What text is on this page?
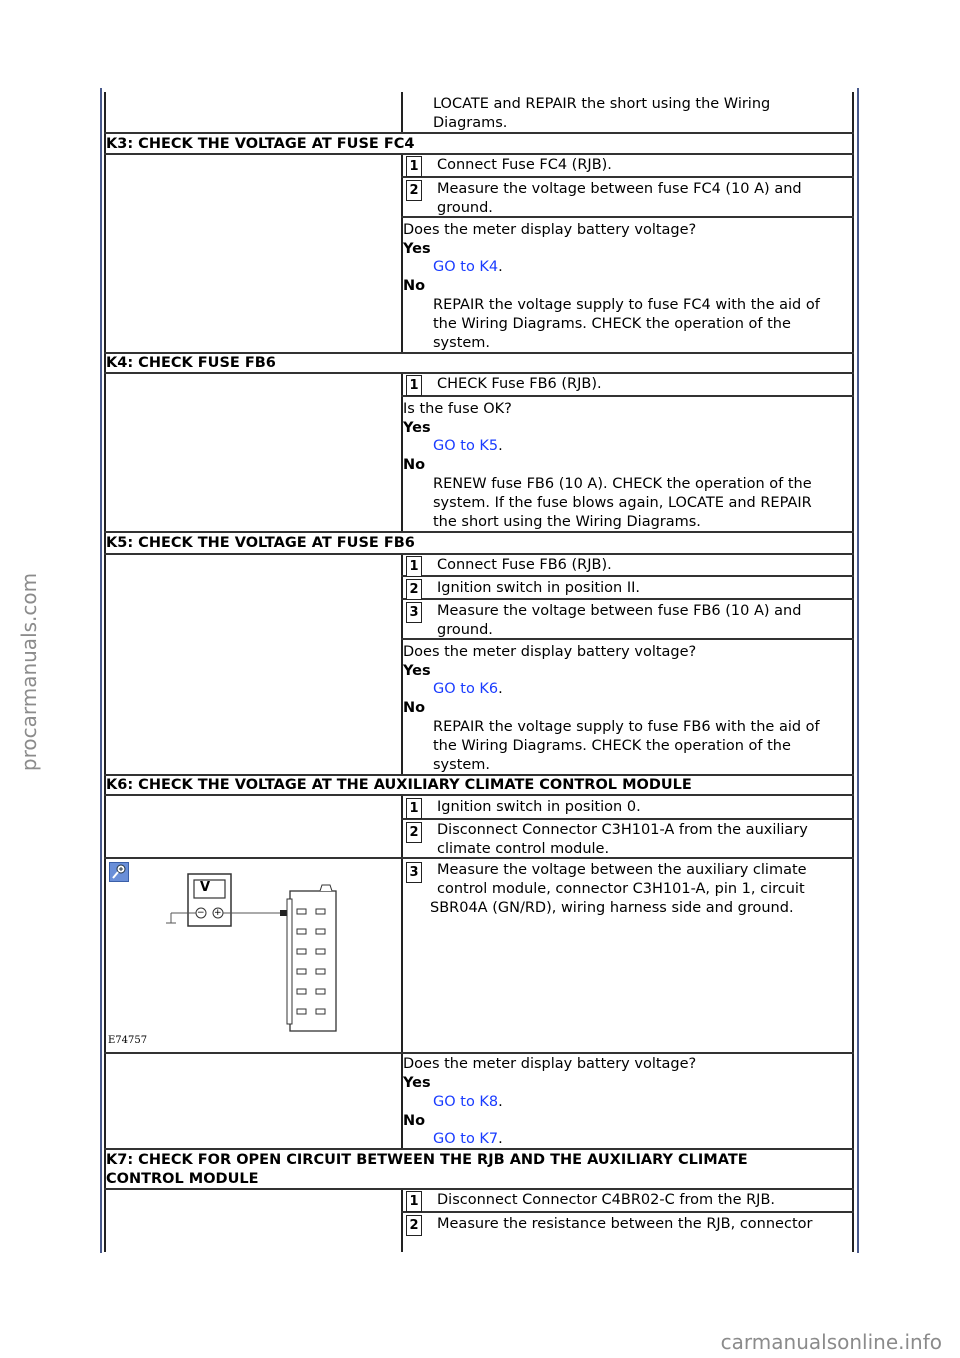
LOCATE and REPAIR the short using the Wiring
Diagrams.
K3: CHECK THE VOLTAGE AT FUSE FC4
1 Connect Fuse FC4 (RJB).
2 Measure the voltage between fuse FC4 (10 A) and
ground.
Does the meter display battery voltage?
Yes
GO to K4.
No
REPAIR the voltage supply to fuse FC4 with the aid of
the Wiring Diagrams. CHECK the operation of the
system.
K4: CHECK FUSE FB6
1 CHECK Fuse FB6 (RJB).
Is the fuse OK?
Yes
GO to K5.
No
RENEW fuse FB6 (10 A). CHECK the operation of the
system. If the fuse blows again, LOCATE and REPAIR
the short using the Wiring Diagrams.
K5: CHECK THE VOLTAGE AT FUSE FB6
1 Connect Fuse FB6 (RJB).
2 Ignition switch in position II.
3 Measure the voltage between fuse FB6 (10 A) and
ground.
Does the meter display battery voltage?
Yes
GO to K6.
No
REPAIR the voltage supply to fuse FB6 with the aid of
the Wiring Diagrams. CHECK the operation of the
system.
K6: CHECK THE VOLTAGE AT THE AUXILIARY CLIMATE CONTROL MODULE
1 Ignition switch in position 0.
2 Disconnect Connector C3H101-A from the auxiliary
climate control module.
3 Measure the voltage between the auxiliary climate
control module, connector C3H101-A, pin 1, circuit
SBR04A (GN/RD), wiring harness side and ground.
V
− +
E74757
Does the meter display battery voltage?
Yes
GO to K8.
No
GO to K7.
K7: CHECK FOR OPEN CIRCUIT BETWEEN THE RJB AND THE AUXILIARY CLIMATE
CONTROL MODULE
1 Disconnect Connector C4BR02-C from the RJB.
2 Measure the resistance between the RJB, connector
procarmanuals.com
carmanualsonline.info
